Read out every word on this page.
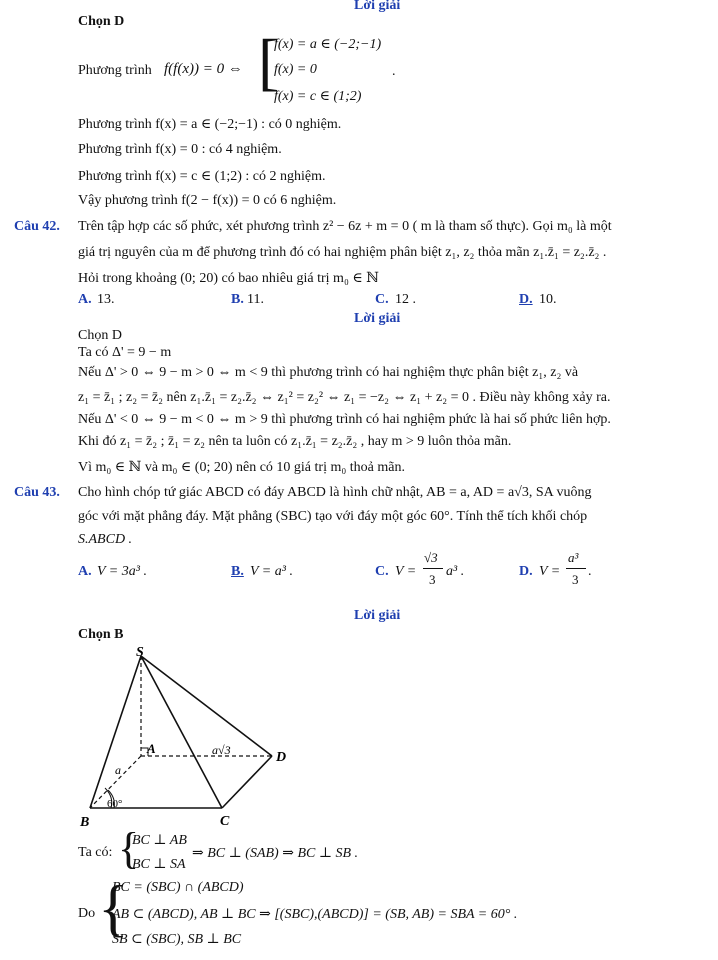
Lời giải
Chọn D
Phương trình f(f(x)) = 0 ⇔ [
f(x) = a ∈ (−2;−1)
f(x) = 0
f(x) = c ∈ (1;2)
.
Phương trình f(x) = a ∈ (−2;−1) : có 0 nghiệm.
Phương trình f(x) = 0 : có 4 nghiệm.
Phương trình f(x) = c ∈ (1;2) : có 2 nghiệm.
Vậy phương trình f(2 − f(x)) = 0 có 6 nghiệm.
Câu 42. Trên tập hợp các số phức, xét phương trình z² − 6z + m = 0 ( m là tham số thực). Gọi m₀ là một
giá trị nguyên của m để phương trình đó có hai nghiệm phân biệt z₁, z₂ thỏa mãn z₁.z̄₁ = z₂.z̄₂ .
Hỏi trong khoảng (0; 20) có bao nhiêu giá trị m₀ ∈ ℕ
A. 13.	B. 11.	C. 12 .	D. 10.
Lời giải
Chọn D
Ta có Δ' = 9 − m
Nếu Δ' > 0 ⇔ 9 − m > 0 ⇔ m < 9 thì phương trình có hai nghiệm thực phân biệt z₁, z₂ và
z₁ = z̄₁ ; z₂ = z̄₂ nên z₁.z̄₁ = z₂.z̄₂ ⇔ z₁² = z₂² ⇔ z₁ = −z₂ ⇔ z₁ + z₂ = 0 . Điều này không xảy ra.
Nếu Δ' < 0 ⇔ 9 − m < 0 ⇔ m > 9 thì phương trình có hai nghiệm phức là hai số phức liên hợp.
Khi đó z₁ = z̄₂ ; z̄₁ = z₂ nên ta luôn có z₁.z̄₁ = z₂.z̄₂ , hay m > 9 luôn thỏa mãn.
Vì m₀ ∈ ℕ và m₀ ∈ (0; 20) nên có 10 giá trị m₀ thoả mãn.
Câu 43. Cho hình chóp tứ giác ABCD có đáy ABCD là hình chữ nhật, AB = a, AD = a√3, SA vuông
góc với mặt phẳng đáy. Mặt phẳng (SBC) tạo với đáy một góc 60°. Tính thể tích khối chóp
S.ABCD .
A. V = 3a³ .	B. V = a³ .	C. V =
√3
3
a³ .	D. V =
a³
3
.
Lời giải
Chọn B
S
A
B	C
D
a
a√3
60°
Ta có: {
BC ⊥ AB
BC ⊥ SA
⇒ BC ⊥ (SAB) ⇒ BC ⊥ SB .
Do {
BC = (SBC) ∩ (ABCD)
AB ⊂ (ABCD), AB ⊥ BC ⇒ [(SBC),(ABCD)] = (SB, AB) = SBA = 60° .
SB ⊂ (SBC), SB ⊥ BC
